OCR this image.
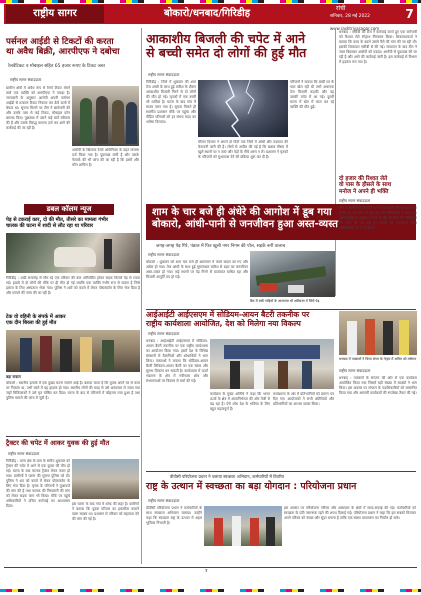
राष्ट्रीय सागर	बोकारो/धनबाद/गिरिडीह	रांची
शनिवार, 28 मई 2022	7
www.rashtriyasagar.com
पर्सनल आईडी से टिकटों की करता
था अवैध बिक्री, आरपीएफ ने दबोचा
रेलवेटिकट व मोबाइल सहित 65 हजार रूपए के टिकट जब्त
राष्ट्रीय सागर संवाददाता
ग्रामीण क्षेत्रों में अवैध रूप से रेलवे टिकट बेचने वाले एक व्यक्ति को आरपीएफ ने पकड़ा है। जानकारी के अनुसार आरोपी अपनी पर्सनल आईडी से तत्काल टिकट निकाल कर ऊँचे दामों में बेचता था। सूचना मिलने पर टीम ने छापेमारी की और उसके पास से कई टिकट, मोबाइल फोन बरामद किए। पूछताछ में उसने कई बातें स्वीकार की हैं और उसके विरुद्ध मामला दर्ज कर आगे की कार्रवाई की जा रही है।
आरोपी के खिलाफ रेलवे अधिनियम के तहत मामला दर्ज किया गया है। पूछताछ जारी है और उसके नेटवर्क की भी जांच की जा रही है कि इसमें और कौन शामिल है।
डबल कॉलम न्यूज
पेड़ से टकराई कार, दो की मौत, तीसरे का मामला गंभीर
चालक की घटना में शादी से लौट रहा था परिवार
गिरिडीह : शादी समारोह से लौट रहे एक परिवार की कार अनियंत्रित होकर सड़क किनारे पेड़ से टकरा गई। हादसे में दो लोगों की मौके पर ही मौत हो गई जबकि एक व्यक्ति गंभीर रूप से घायल है जिसे इलाज के लिए अस्पताल भेजा गया। पुलिस ने शवों को कब्जे में लेकर पोस्टमार्टम के लिए भेज दिया है और मामले की जांच की जा रही है।
टेक वो वहिनी के संपर्क में आकर
एक दीन बिरला की हुई मौत
बड़ा सवाल
बोकारो : स्थानीय इलाके में एक दुखद घटना सामने आई है। बताया जाता है कि युवक अपने घर से काम पर निकला था, तभी रास्ते में यह हादसा हो गया। स्थानीय लोगों की मदद से उसे अस्पताल ले जाया गया जहाँ चिकित्सकों ने उसे मृत घोषित कर दिया। घटना के बाद से परिजनों में कोहराम मचा हुआ है तथा पुलिस मामले की जांच में जुटी है।
ट्रैक्टर की चपेट में आकर युवक की हुई मौत
राष्ट्रीय सागर संवाददाता
गिरिडीह : थाना क्षेत्र के ग्राम के समीप शुक्रवार को ट्रैक्टर की चपेट में आने से एक युवक की मौत हो गई। घटना के बाद चालक ट्रैक्टर लेकर फरार हो गया। ग्रामीणों ने घटना की सूचना पुलिस को दी। पुलिस ने शव को कब्जे में लेकर पोस्टमार्टम के लिए भेज दिया है। मृतक के परिजनों ने मुआवजे की मांग की है तथा चालक की गिरफ्तारी की मांग को लेकर सड़क जाम भी किया। मौके पर पहुंचे अधिकारियों ने उचित कार्रवाई का आश्वासन दिया।	इस घटना के बाद गांव में शोक की लहर है। ग्रामीणों ने बताया कि युवक परिवार का इकलौता कमाने वाला सदस्य था। प्रशासन से परिवार को सहायता देने की मांग की गई है।
आकाशीय बिजली की चपेट में आने
से बच्ची समेत दो लोगों की हुई मौत
राष्ट्रीय सागर संवाददाता
गिरिडीह : जिले में शुक्रवार की शाम तेज आंधी के साथ हुई बारिश के दौरान आकाशीय बिजली गिरने से दो लोगों की मौत हो गई। मृतकों में एक बच्ची भी शामिल है। घटना के बाद गांव में मातम पसर गया है। सूचना मिलते ही स्थानीय प्रशासन मौके पर पहुंचा और पीड़ित परिवारों को हर संभव मदद का भरोसा दिलाया।
परिजनों ने बताया कि बच्ची घर के पास खेल रही थी तभी अचानक तेज बिजली कड़की और वह उसकी चपेट में आ गई। दूसरी घटना में खेत में काम कर रहे व्यक्ति की मौत हुई।
मौसम विभाग ने अगले दो दिनों तक जिले में आंधी और वज्रपात की चेतावनी जारी की है। लोगों से अपील की गई है कि खराब मौसम में खुले स्थानों पर न जाएं और पेड़ों के नीचे शरण न लें। प्रशासन ने मृतकों के परिजनों को मुआवजा देने की प्रक्रिया शुरू कर दी है।
शाम के चार बजे ही अंधेरे की आगोश में डूब गया
बोकारो, आंधी-पानी से जनजीवन हुआ अस्त-व्यस्त
जगह-जगह पेड़ गिरे, पंडाल में फिर खुली नगर निगम की पोल, सड़कें बनीं तालाब
बैंक में रखी गाड़ियों के आसपास भी क्षतिग्रस्त में जिसे पेड़
राष्ट्रीय सागर संवाददाता
बोकारो : शुक्रवार को शाम चार बजे ही आसमान में काले बादल छा गए और अंधेरा हो गया। तेज आंधी के साथ हुई मूसलाधार बारिश से शहर का जनजीवन अस्त-व्यस्त हो गया। कई स्थानों पर पेड़ गिरने से यातायात बाधित रहा और बिजली आपूर्ति ठप हो गई।
दो हजार की रिश्वत लेते
वो पास के हौसले के साथ
मनोज ने अपने ही भक्ति
धनबाद : एसीबी की टीम ने कार्रवाई करते हुए एक कर्मचारी को रिश्वत लेते रंगेहाथ गिरफ्तार किया। शिकायतकर्ता ने बताया कि काम के बदले उससे पैसे की मांग की जा रही थी। इसकी शिकायत एसीबी से की गई। सत्यापन के बाद टीम ने जाल बिछाकर आरोपी को पकड़ा। आरोपी से पूछताछ की जा रही है और आगे की कार्रवाई जारी है। इस कार्रवाई से विभाग में हड़कंप मच गया है।
राष्ट्रीय सागर संवाददाता
टीम ने आरोपी के ठिकानों पर भी छापेमारी की। बताया जाता है कि वह लंबे समय से इस तरह की गतिविधियों में लिप्त था। अधिकारियों के अनुसार मामले में और भी लोगों की संलिप्तता की जांच की जा रही है। मामले की जानकारी वरीय अधिकारियों को दे दी गई है।
आईआईटी आईएसएम में सोडियम-आयन बैटरी तकनीक पर
राष्ट्रीय कार्यशाला आयोजित, देश को मिलेगा नया विकल्प
राष्ट्रीय सागर संवाददाता
धनबाद : आईआईटी आईएसएम में सोडियम-आयन बैटरी तकनीक पर एक राष्ट्रीय कार्यशाला का आयोजन किया गया। इसमें देश के विभिन्न संस्थानों से वैज्ञानिकों और शोधार्थियों ने भाग लिया। वक्ताओं ने बताया कि सोडियम-आयन बैटरी लिथियम-आयन बैटरी का एक सस्ता और सुलभ विकल्प बन सकती है। कार्यशाला में ऊर्जा भंडारण के क्षेत्र में नवीनतम शोध और संभावनाओं पर विस्तार से चर्चा की गई।
कार्यक्रम के मुख्य अतिथि ने कहा कि भारत ऊर्जा के क्षेत्र में आत्मनिर्भरता की ओर तेजी से बढ़ रहा है। ऐसे शोध देश के भविष्य के लिए बहुत महत्वपूर्ण हैं।
कार्यशाला के अंत में प्रतिभागियों को प्रमाण पत्र दिए गए। आयोजकों ने सभी अतिथियों और प्रतिभागियों का आभार व्यक्त किया।
धनबाद में पत्रकारों ने किया संगम के नेतृत्व में अमित को वर्षगांठ
राष्ट्रीय सागर संवाददाता
धनबाद : पत्रकारों के संगठन की ओर से एक कार्यक्रम आयोजित किया गया जिसमें बड़ी संख्या में सदस्यों ने भाग लिया। इस अवसर पर संगठन के पदाधिकारियों को सम्मानित किया गया और आगामी कार्यक्रमों की रूपरेखा तैयार की गई।
डीवीसी परियोजना प्रधान ने चलाया स्वच्छता अभियान, कर्मचारियों में वितरित
राष्ट्र के उत्थान में स्वच्छता का बड़ा योगदान : परियोजना प्रधान
राष्ट्रीय सागर संवाददाता
डीवीसी परियोजना प्रधान ने कर्मचारियों के साथ स्वच्छता अभियान चलाया। उन्होंने कहा कि स्वच्छता राष्ट्र के उत्थान में अहम भूमिका निभाती है।
इस अवसर पर परियोजना परिसर और आसपास के क्षेत्रों में साफ-सफाई की गई। कर्मचारियों को स्वच्छता के प्रति जागरूक रहने की शपथ दिलाई गई। परियोजना प्रधान ने कहा कि हम सबको मिलकर अपने परिसर को स्वच्छ और सुंदर बनाना है ताकि एक स्वस्थ वातावरण का निर्माण हो सके।
7
